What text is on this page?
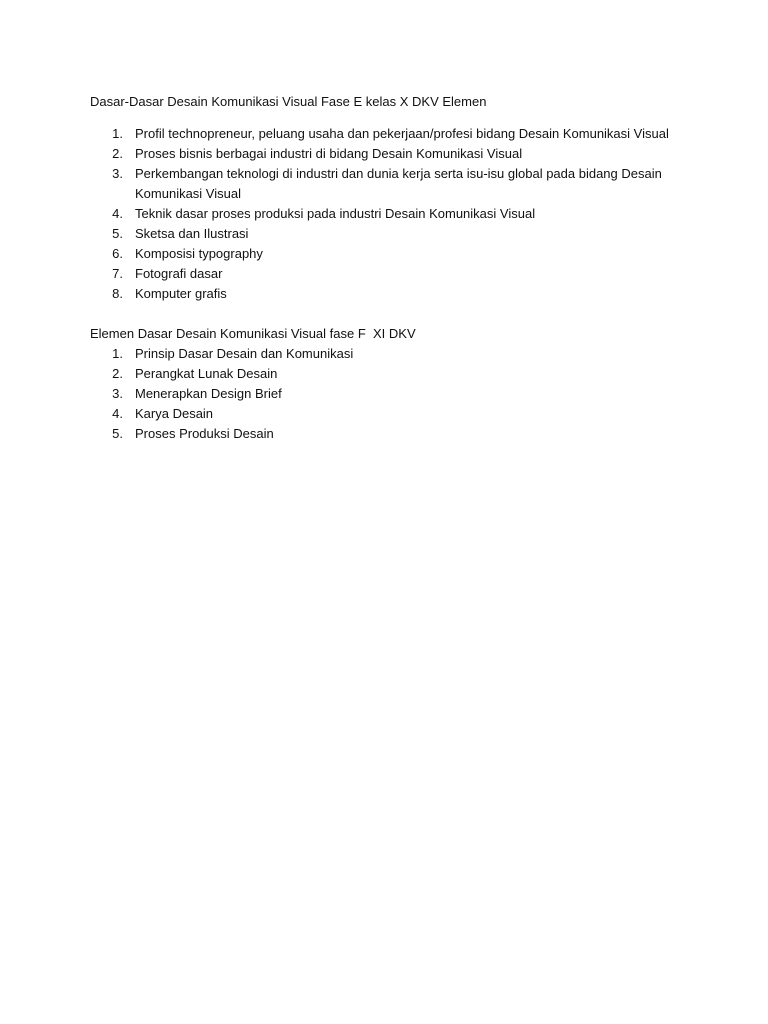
Dasar-Dasar Desain Komunikasi Visual Fase E kelas X DKV Elemen

1. Profil technopreneur, peluang usaha dan pekerjaan/profesi bidang Desain Komunikasi Visual
2. Proses bisnis berbagai industri di bidang Desain Komunikasi Visual
3. Perkembangan teknologi di industri dan dunia kerja serta isu-isu global pada bidang Desain Komunikasi Visual
4. Teknik dasar proses produksi pada industri Desain Komunikasi Visual
5. Sketsa dan Ilustrasi
6. Komposisi typography
7. Fotografi dasar
8. Komputer grafis

Elemen Dasar Desain Komunikasi Visual fase F  XI DKV

1. Prinsip Dasar Desain dan Komunikasi
2. Perangkat Lunak Desain
3. Menerapkan Design Brief
4. Karya Desain
5. Proses Produksi Desain
